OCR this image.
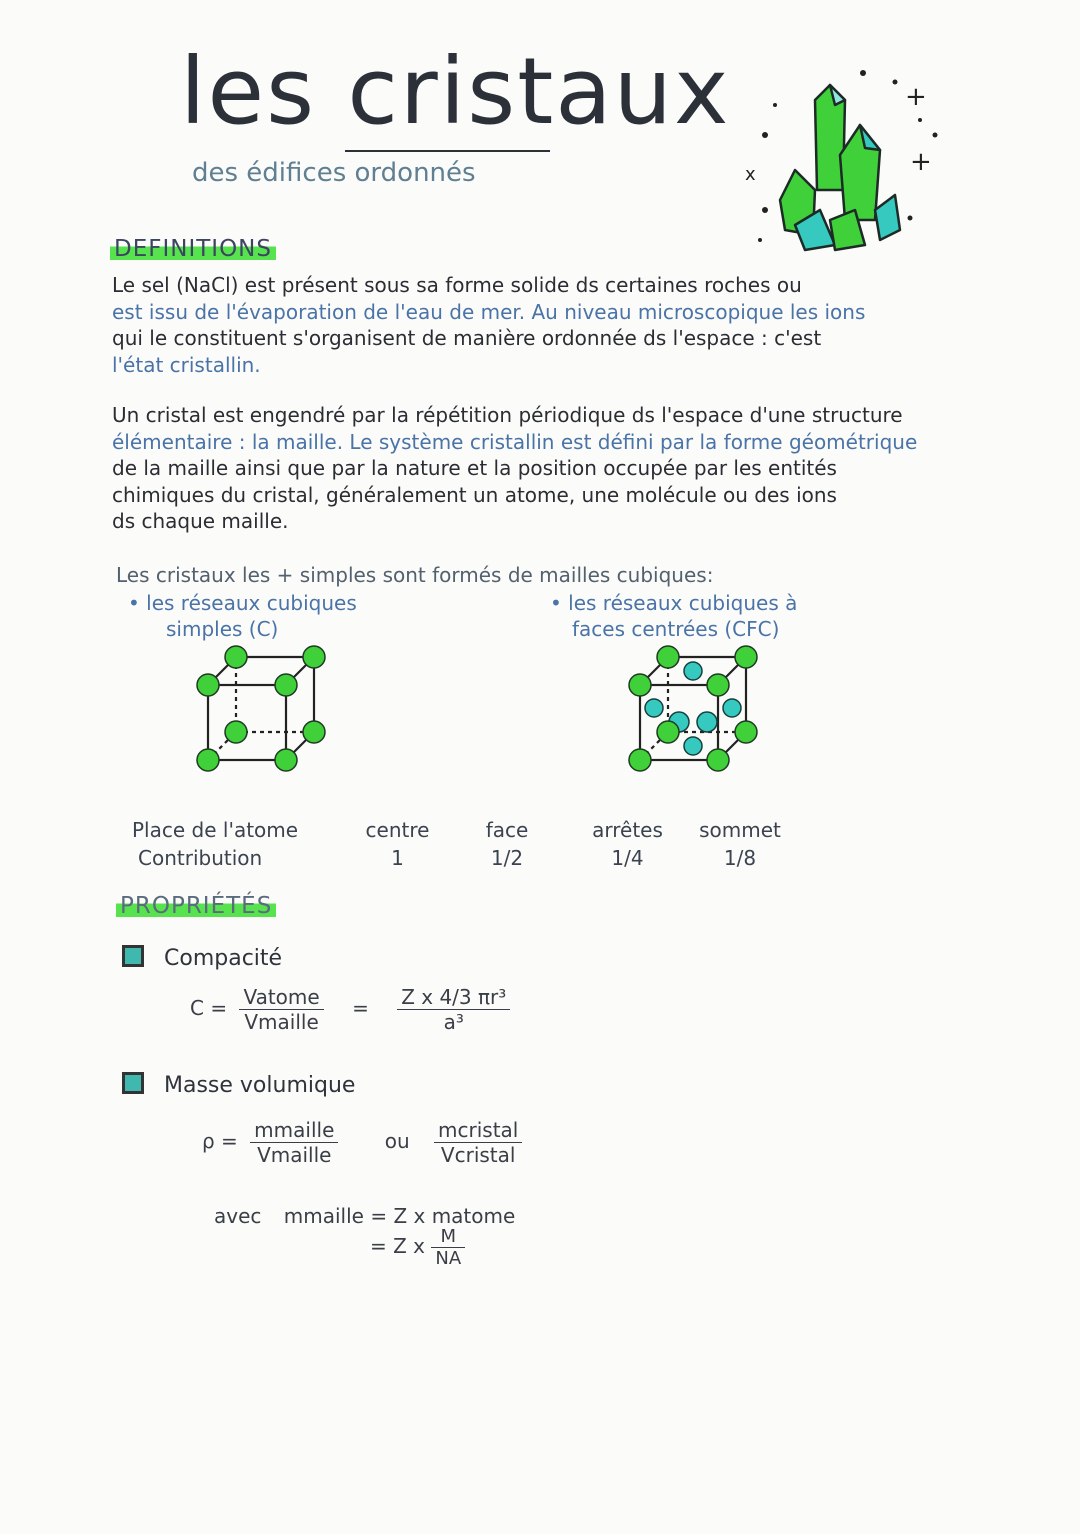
les cristaux
des édifices ordonnés
+
+
x
DEFINITIONS
Le sel (NaCl) est présent sous sa forme solide ds certaines roches ou
est issu de l'évaporation de l'eau de mer. Au niveau microscopique les ions
qui le constituent s'organisent de manière ordonnée ds l'espace : c'est
l'état cristallin.
Un cristal est engendré par la répétition périodique ds l'espace d'une structure
élémentaire : la maille. Le système cristallin est défini par la forme géométrique
de la maille ainsi que par la nature et la position occupée par les entités
chimiques du cristal, généralement un atome, une molécule ou des ions
ds chaque maille.
Les cristaux les + simples sont formés de mailles cubiques:
• les réseaux cubiques
simples (C)
• les réseaux cubiques à
faces centrées (CFC)
Place de l'atome
Contribution
centre
1
face
1/2
arrêtes
1/4
sommet
1/8
PROPRIÉTÉS
Compacité
$C = \frac{\text{Vatome}}{\text{Vmaille}} = \frac{\text{Z x 4/3 πr³}}{\text{a³}}$
Masse volumique
$\rho = \frac{\text{mmaille}}{\text{Vmaille}}$ ou $\frac{\text{mcristal}}{\text{Vcristal}}$
avec mmaille = Z x matome
= Z x $\frac{M}{NA}$
